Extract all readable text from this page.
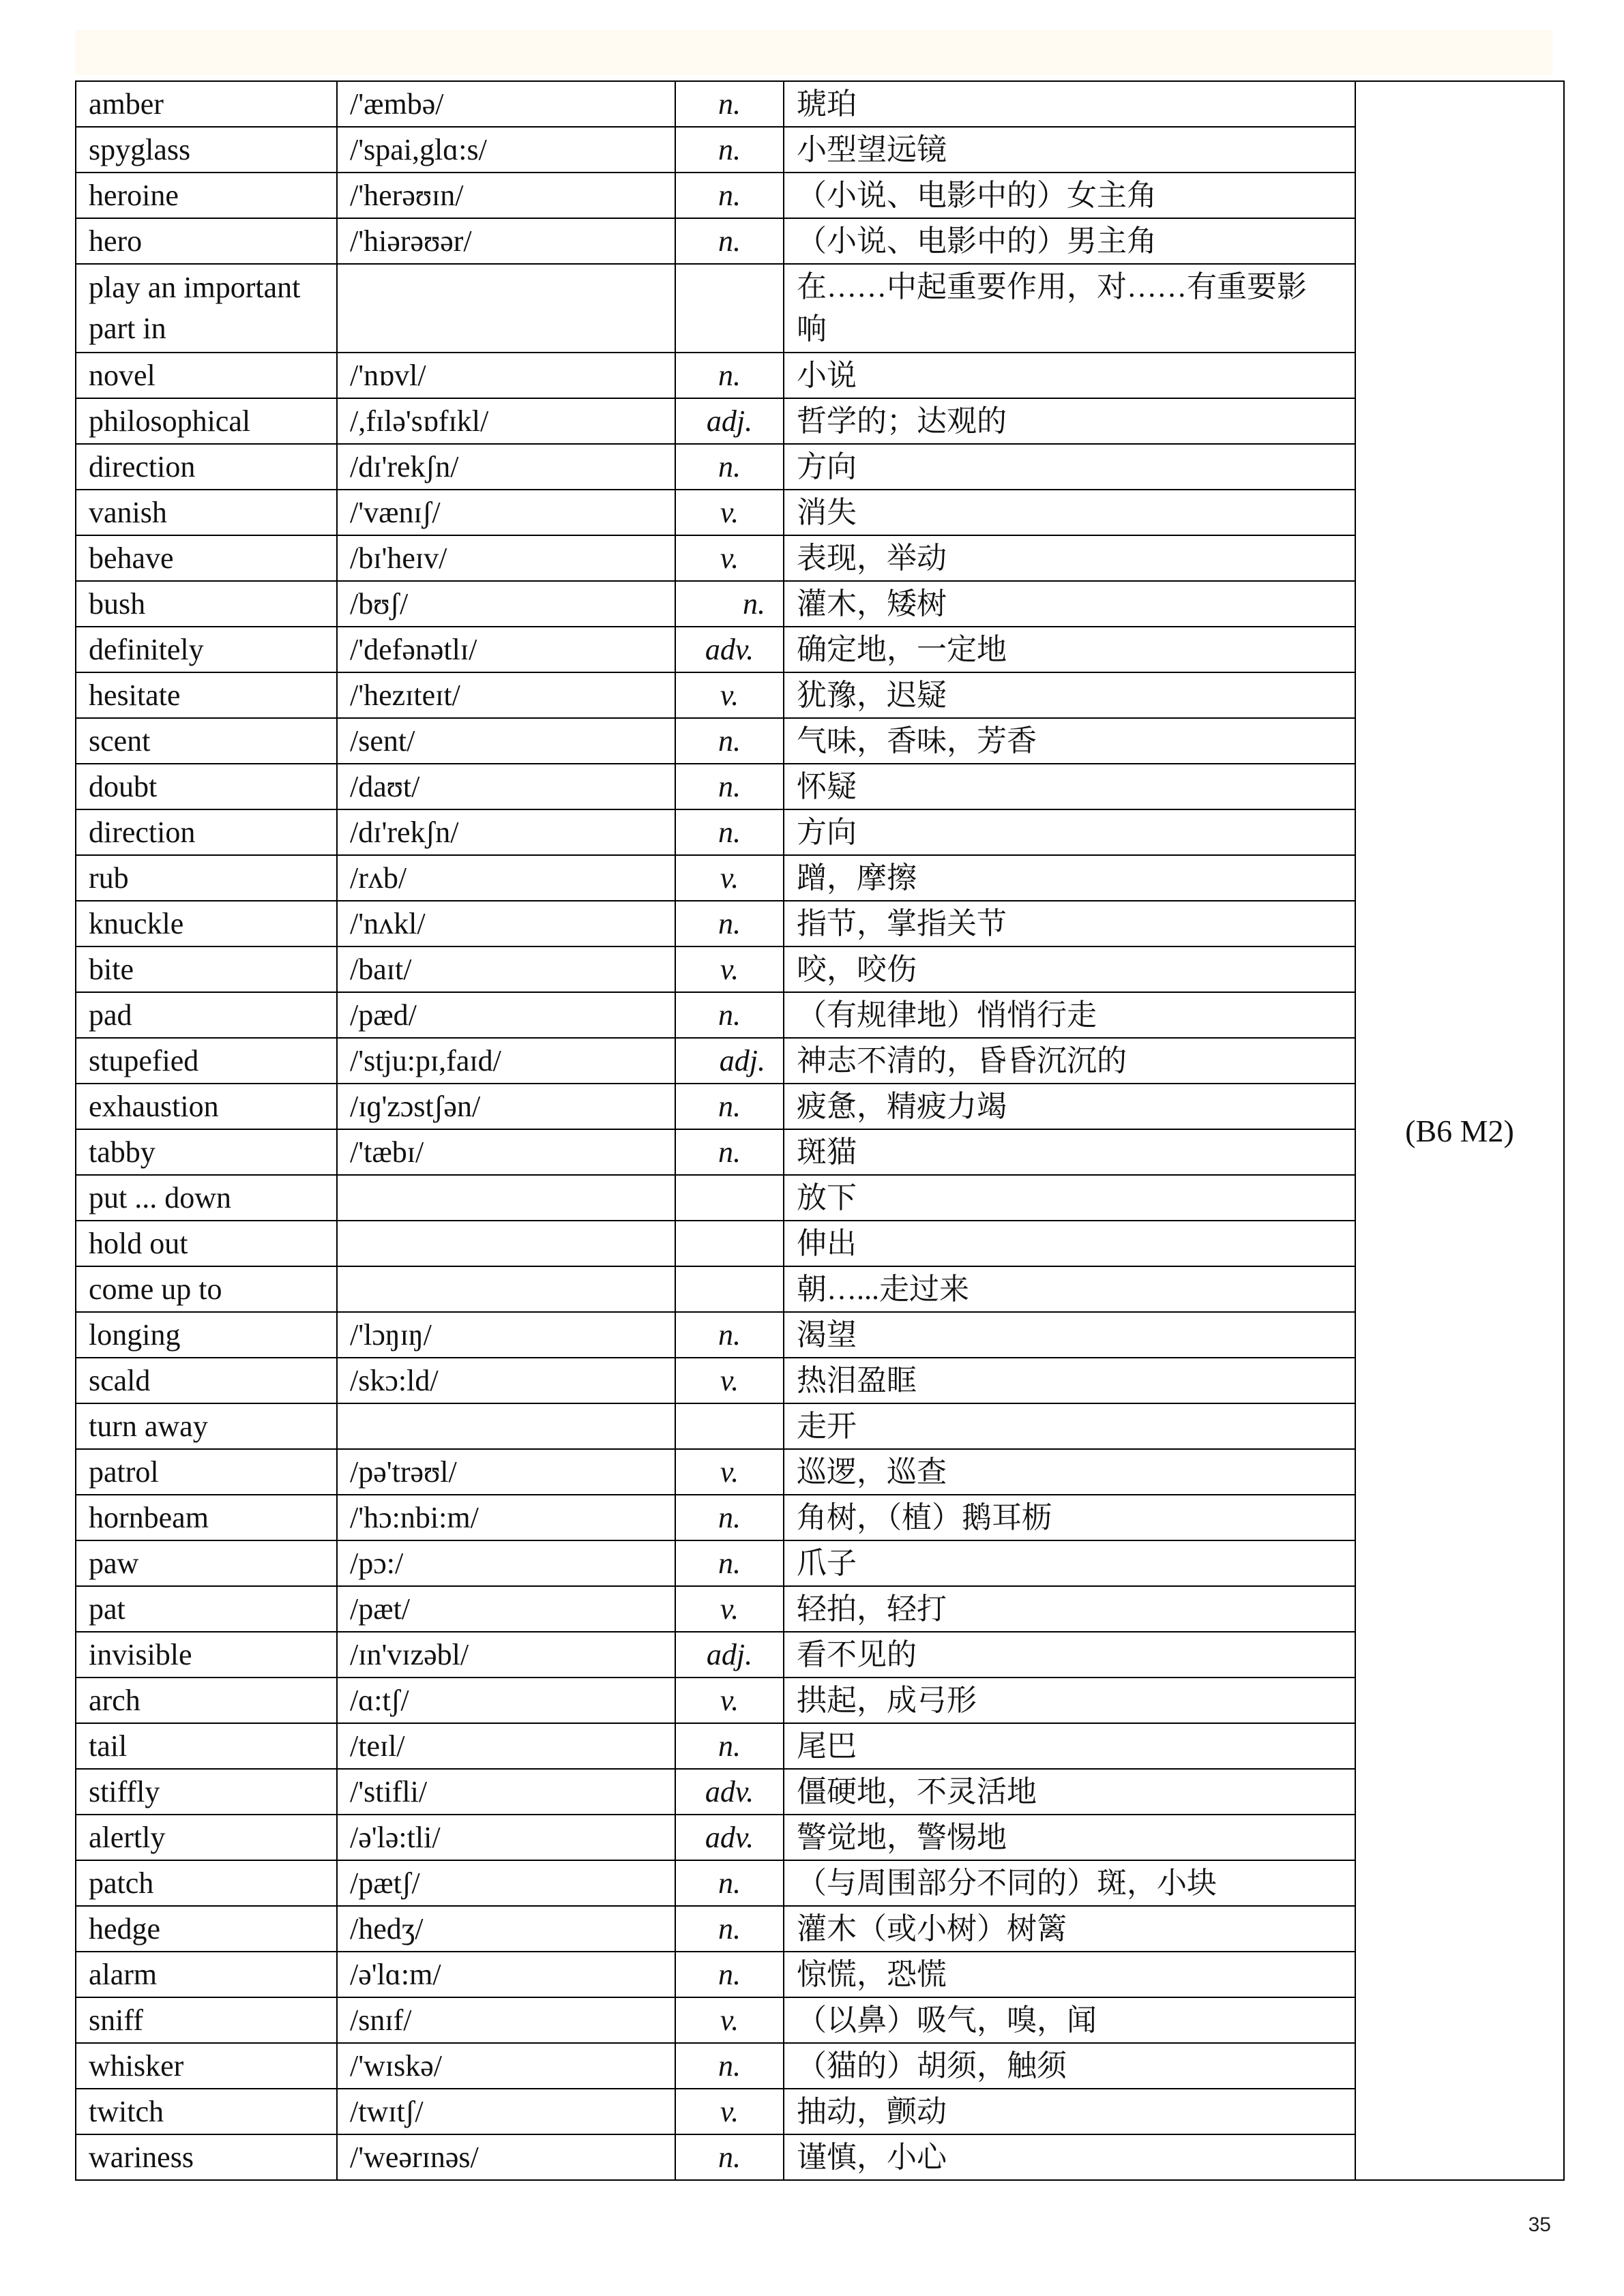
amber	/'æmbə/	n.	琥珀	(B6 M2)
spyglass	/'spai,glɑ:s/	n.	小型望远镜	
heroine	/'herəʊɪn/	n.	（小说、电影中的）女主角	
hero	/'hiərəʊər/	n.	（小说、电影中的）男主角	
play an important part in			在……中起重要作用，对……有重要影响	
novel	/'nɒvl/	n.	小说	
philosophical	/,fɪlə'sɒfɪkl/	adj.	哲学的；达观的	
direction	/dɪ'rekʃn/	n.	方向	
vanish	/'vænɪʃ/	v.	消失	
behave	/bɪ'heɪv/	v.	表现，举动	
bush	/bʊʃ/	n.	灌木，矮树	
definitely	/'defənətlɪ/	adv.	确定地，一定地	
hesitate	/'hezɪteɪt/	v.	犹豫，迟疑	
scent	/sent/	n.	气味，香味，芳香	
doubt	/daʊt/	n.	怀疑	
direction	/dɪ'rekʃn/	n.	方向	
rub	/rʌb/	v.	蹭，摩擦	
knuckle	/'nʌkl/	n.	指节，掌指关节	
bite	/baɪt/	v.	咬，咬伤	
pad	/pæd/	n.	（有规律地）悄悄行走	
stupefied	/'stju:pɪ,faɪd/	adj.	神志不清的，昏昏沉沉的	
exhaustion	/ɪɡ'zɔstʃən/	n.	疲惫，精疲力竭	
tabby	/'tæbɪ/	n.	斑猫	
put ... down			放下	
hold out			伸出	
come up to			朝…...走过来	
longing	/'lɔŋɪŋ/	n.	渴望	
scald	/skɔ:ld/	v.	热泪盈眶	
turn away			走开	
patrol	/pə'trəʊl/	v.	巡逻，巡查	
hornbeam	/'hɔ:nbi:m/	n.	角树，（植）鹅耳枥	
paw	/pɔ:/	n.	爪子	
pat	/pæt/	v.	轻拍，轻打	
invisible	/ɪn'vɪzəbl/	adj.	看不见的	
arch	/ɑ:tʃ/	v.	拱起，成弓形	
tail	/teɪl/	n.	尾巴	
stiffly	/'stifli/	adv.	僵硬地，不灵活地	
alertly	/ə'lə:tli/	adv.	警觉地，警惕地	
patch	/pætʃ/	n.	（与周围部分不同的）斑，小块	
hedge	/hedʒ/	n.	灌木（或小树）树篱	
alarm	/ə'lɑ:m/	n.	惊慌，恐慌	
sniff	/snɪf/	v.	（以鼻）吸气，嗅，闻	
whisker	/'wɪskə/	n.	（猫的）胡须，触须	
twitch	/twɪtʃ/	v.	抽动，颤动	
wariness	/'weərɪnəs/	n.	谨慎，小心	
35
